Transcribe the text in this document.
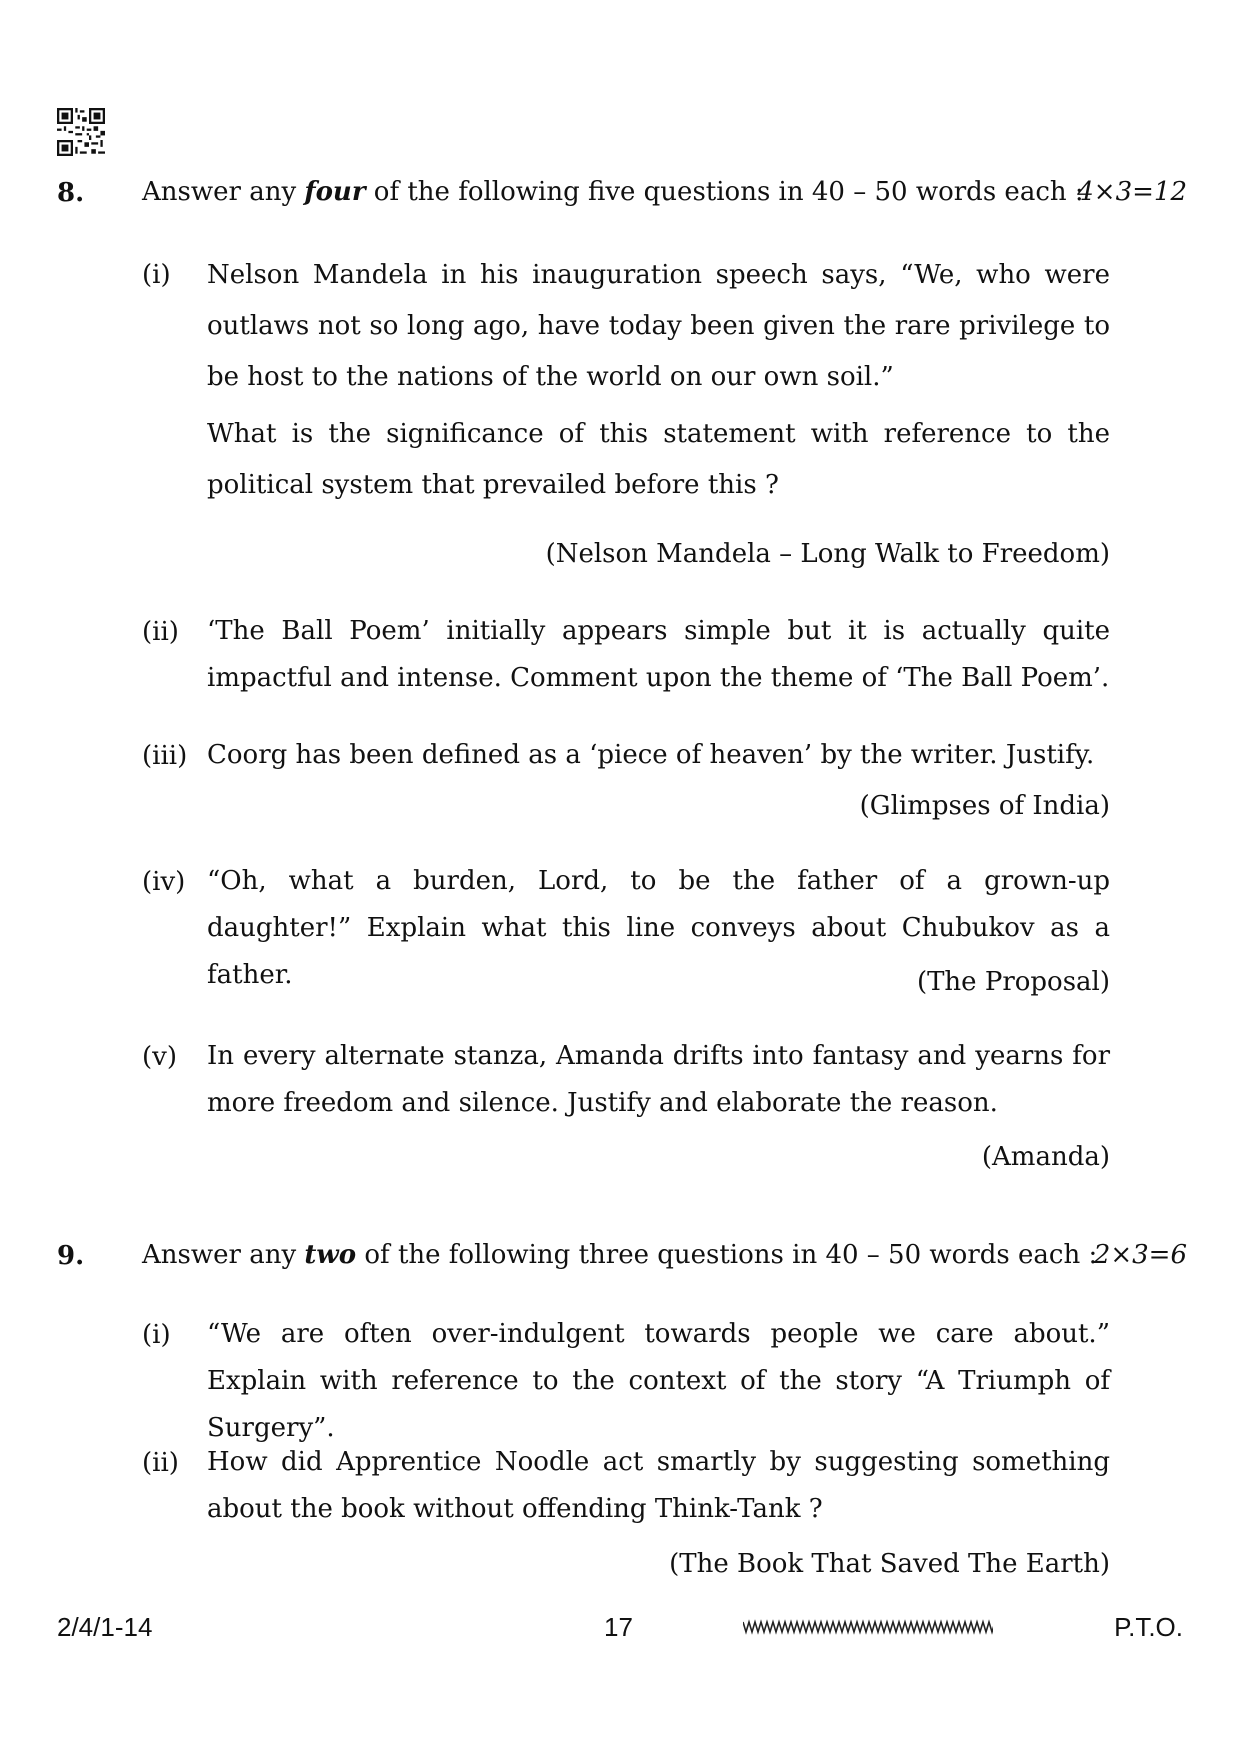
8. Answer any four of the following five questions in 40 – 50 words each :
4×3=12
(i) Nelson Mandela in his inauguration speech says, “We, who were outlaws not so long ago, have today been given the rare privilege to be host to the nations of the world on our own soil.”
What is the significance of this statement with reference to the political system that prevailed before this ?
(Nelson Mandela – Long Walk to Freedom)
(ii) ‘The Ball Poem’ initially appears simple but it is actually quite impactful and intense. Comment upon the theme of ‘The Ball Poem’.
(iii) Coorg has been defined as a ‘piece of heaven’ by the writer. Justify.
(Glimpses of India)
(iv) “Oh, what a burden, Lord, to be the father of a grown-up daughter!” Explain what this line conveys about Chubukov as a father.	(The Proposal)
(v) In every alternate stanza, Amanda drifts into fantasy and yearns for more freedom and silence. Justify and elaborate the reason.
(Amanda)
9. Answer any two of the following three questions in 40 – 50 words each :
2×3=6
(i) “We are often over-indulgent towards people we care about.” Explain with reference to the context of the story “A Triumph of Surgery”.
(ii) How did Apprentice Noodle act smartly by suggesting something about the book without offending Think-Tank ?
(The Book That Saved The Earth)
2/4/1-14	17	P.T.O.
